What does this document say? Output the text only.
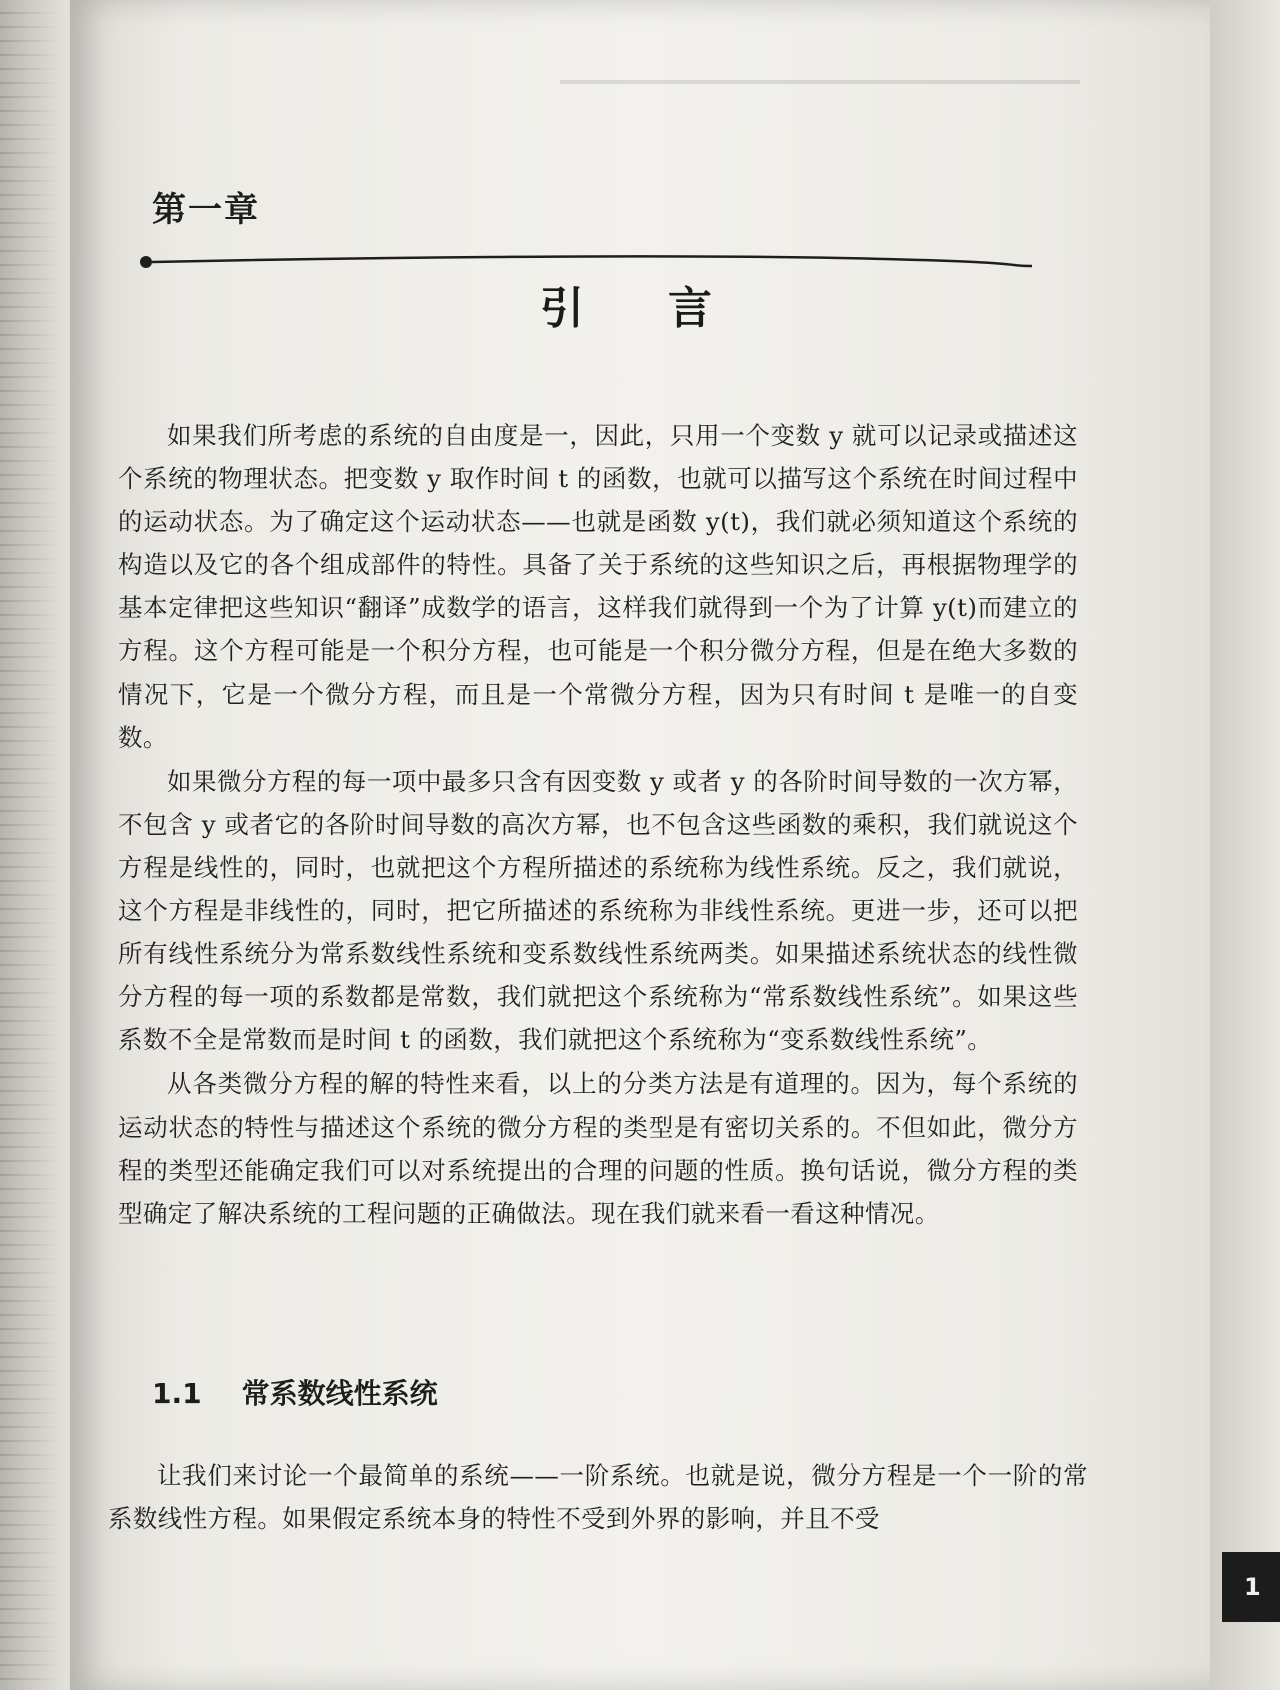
第一章
引言

如果我们所考虑的系统的自由度是一，因此，只用一个变数 y 就可以记录或描述这个系统的物理状态。把变数 y 取作时间 t 的函数，也就可以描写这个系统在时间过程中的运动状态。为了确定这个运动状态——也就是函数 y(t)，我们就必须知道这个系统的构造以及它的各个组成部件的特性。具备了关于系统的这些知识之后，再根据物理学的基本定律把这些知识“翻译”成数学的语言，这样我们就得到一个为了计算 y(t)而建立的方程。这个方程可能是一个积分方程，也可能是一个积分微分方程，但是在绝大多数的情况下，它是一个微分方程，而且是一个常微分方程，因为只有时间 t 是唯一的自变数。

如果微分方程的每一项中最多只含有因变数 y 或者 y 的各阶时间导数的一次方幂，不包含 y 或者它的各阶时间导数的高次方幂，也不包含这些函数的乘积，我们就说这个方程是线性的，同时，也就把这个方程所描述的系统称为线性系统。反之，我们就说，这个方程是非线性的，同时，把它所描述的系统称为非线性系统。更进一步，还可以把所有线性系统分为常系数线性系统和变系数线性系统两类。如果描述系统状态的线性微分方程的每一项的系数都是常数，我们就把这个系统称为“常系数线性系统”。如果这些系数不全是常数而是时间 t 的函数，我们就把这个系统称为“变系数线性系统”。

从各类微分方程的解的特性来看，以上的分类方法是有道理的。因为，每个系统的运动状态的特性与描述这个系统的微分方程的类型是有密切关系的。不但如此，微分方程的类型还能确定我们可以对系统提出的合理的问题的性质。换句话说，微分方程的类型确定了解决系统的工程问题的正确做法。现在我们就来看一看这种情况。

1.1 常系数线性系统

让我们来讨论一个最简单的系统——一阶系统。也就是说，微分方程是一个一阶的常系数线性方程。如果假定系统本身的特性不受到外界的影响，并且不受

1
